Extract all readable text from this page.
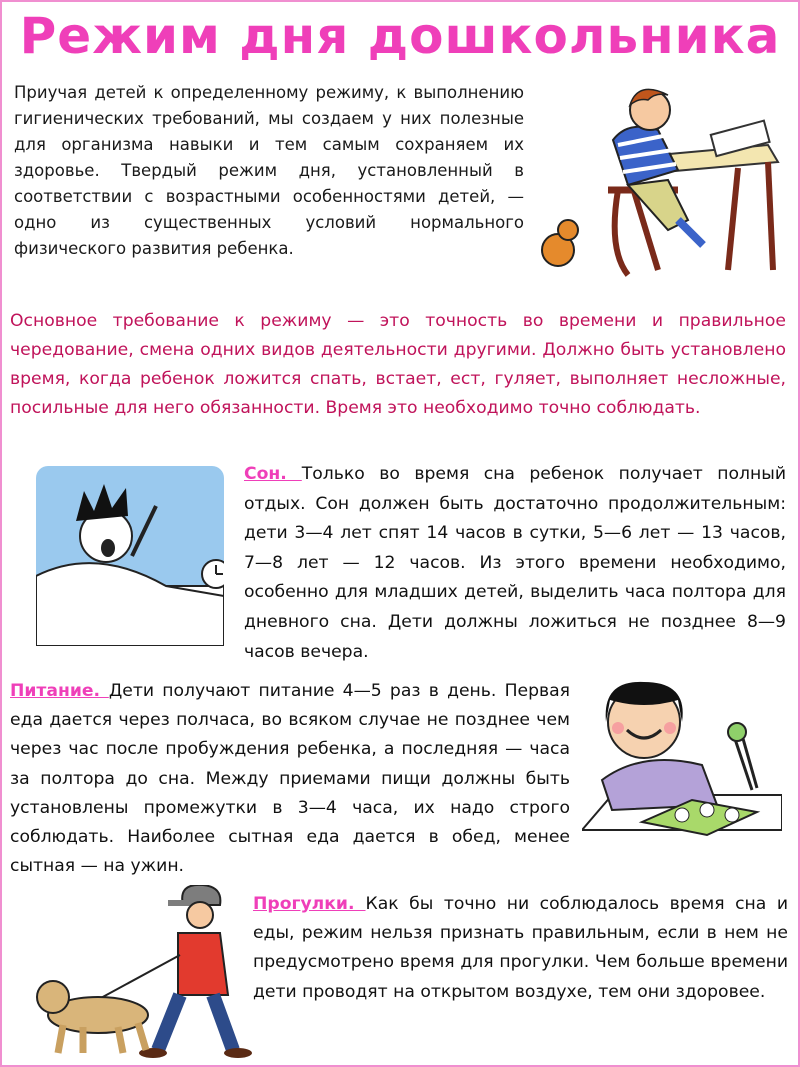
Режим дня дошкольника

Приучая детей к определенному режиму, к выполнению гигиенических требований, мы создаем у них полезные для организма навыки и тем самым сохраняем их здоровье. Твердый режим дня, установленный в соответствии с возрастными особенностями детей, — одно из существенных условий нормального физического развития ребенка.

Основное требование к режиму — это точность во времени и правильное чередование, смена одних видов деятельности другими. Должно быть установлено время, когда ребенок ложится спать, встает, ест, гуляет, выполняет несложные, посильные для него обязанности. Время это необходимо точно соблюдать.

Сон. Только во время сна ребенок получает полный отдых. Сон должен быть достаточно продолжительным: дети 3—4 лет спят 14 часов в сутки, 5—6 лет — 13 часов, 7—8 лет — 12 часов. Из этого времени необходимо, особенно для младших детей, выделить часа полтора для дневного сна. Дети должны ложиться не позднее 8—9 часов вечера.

Питание. Дети получают питание 4—5 раз в день. Первая еда дается через полчаса, во всяком случае не позднее чем через час после пробуждения ребенка, а последняя — часа за полтора до сна. Между приемами пищи должны быть установлены промежутки в 3—4 часа, их надо строго соблюдать. Наиболее сытная еда дается в обед, менее сытная — на ужин.

Прогулки. Как бы точно ни соблюдалось время сна и еды, режим нельзя признать правильным, если в нем не предусмотрено время для прогулки. Чем больше времени дети проводят на открытом воздухе, тем они здоровее.
